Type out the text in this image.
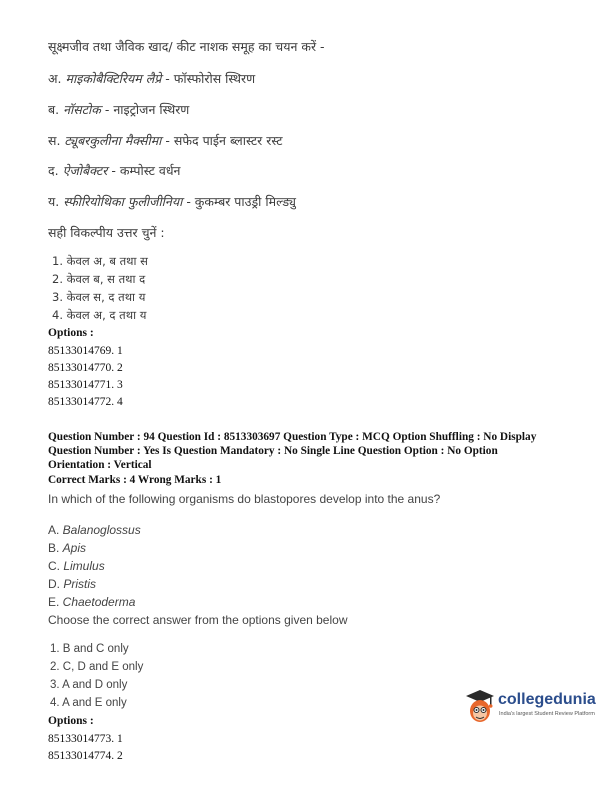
सूक्ष्मजीव तथा जैविक खाद/ कीट नाशक समूह का चयन करें -
अ. माइकोबैक्टिरियम लैप्रे - फॉस्फोरोस स्थिरण
ब. नॉसटोक - नाइट्रोजन स्थिरण
स. ट्यूबरकुलीना मैक्सीमा - सफेद पाईन ब्लास्टर रस्ट
द. ऐजोबैक्टर - कम्पोस्ट वर्धन
य. स्फीरियोथिका फुलीजीनिया - कुकम्बर पाउड्री मिल्ड्यु
सही विकल्पीय उत्तर चुनें :
1. केवल अ, ब तथा स
2. केवल ब, स तथा द
3. केवल स, द तथा य
4. केवल अ, द तथा य
Options :
85133014769. 1
85133014770. 2
85133014771. 3
85133014772. 4
Question Number : 94 Question Id : 8513303697 Question Type : MCQ Option Shuffling : No Display
Question Number : Yes Is Question Mandatory : No Single Line Question Option : No Option
Orientation : Vertical
Correct Marks : 4 Wrong Marks : 1
In which of the following organisms do blastopores develop into the anus?
A. Balanoglossus
B. Apis
C. Limulus
D. Pristis
E. Chaetoderma
Choose the correct answer from the options given below
1. B and C only
2. C, D and E only
3. A and D only
4. A and E only
Options :
85133014773. 1
85133014774. 2
collegedunia
India's largest Student Review Platform
